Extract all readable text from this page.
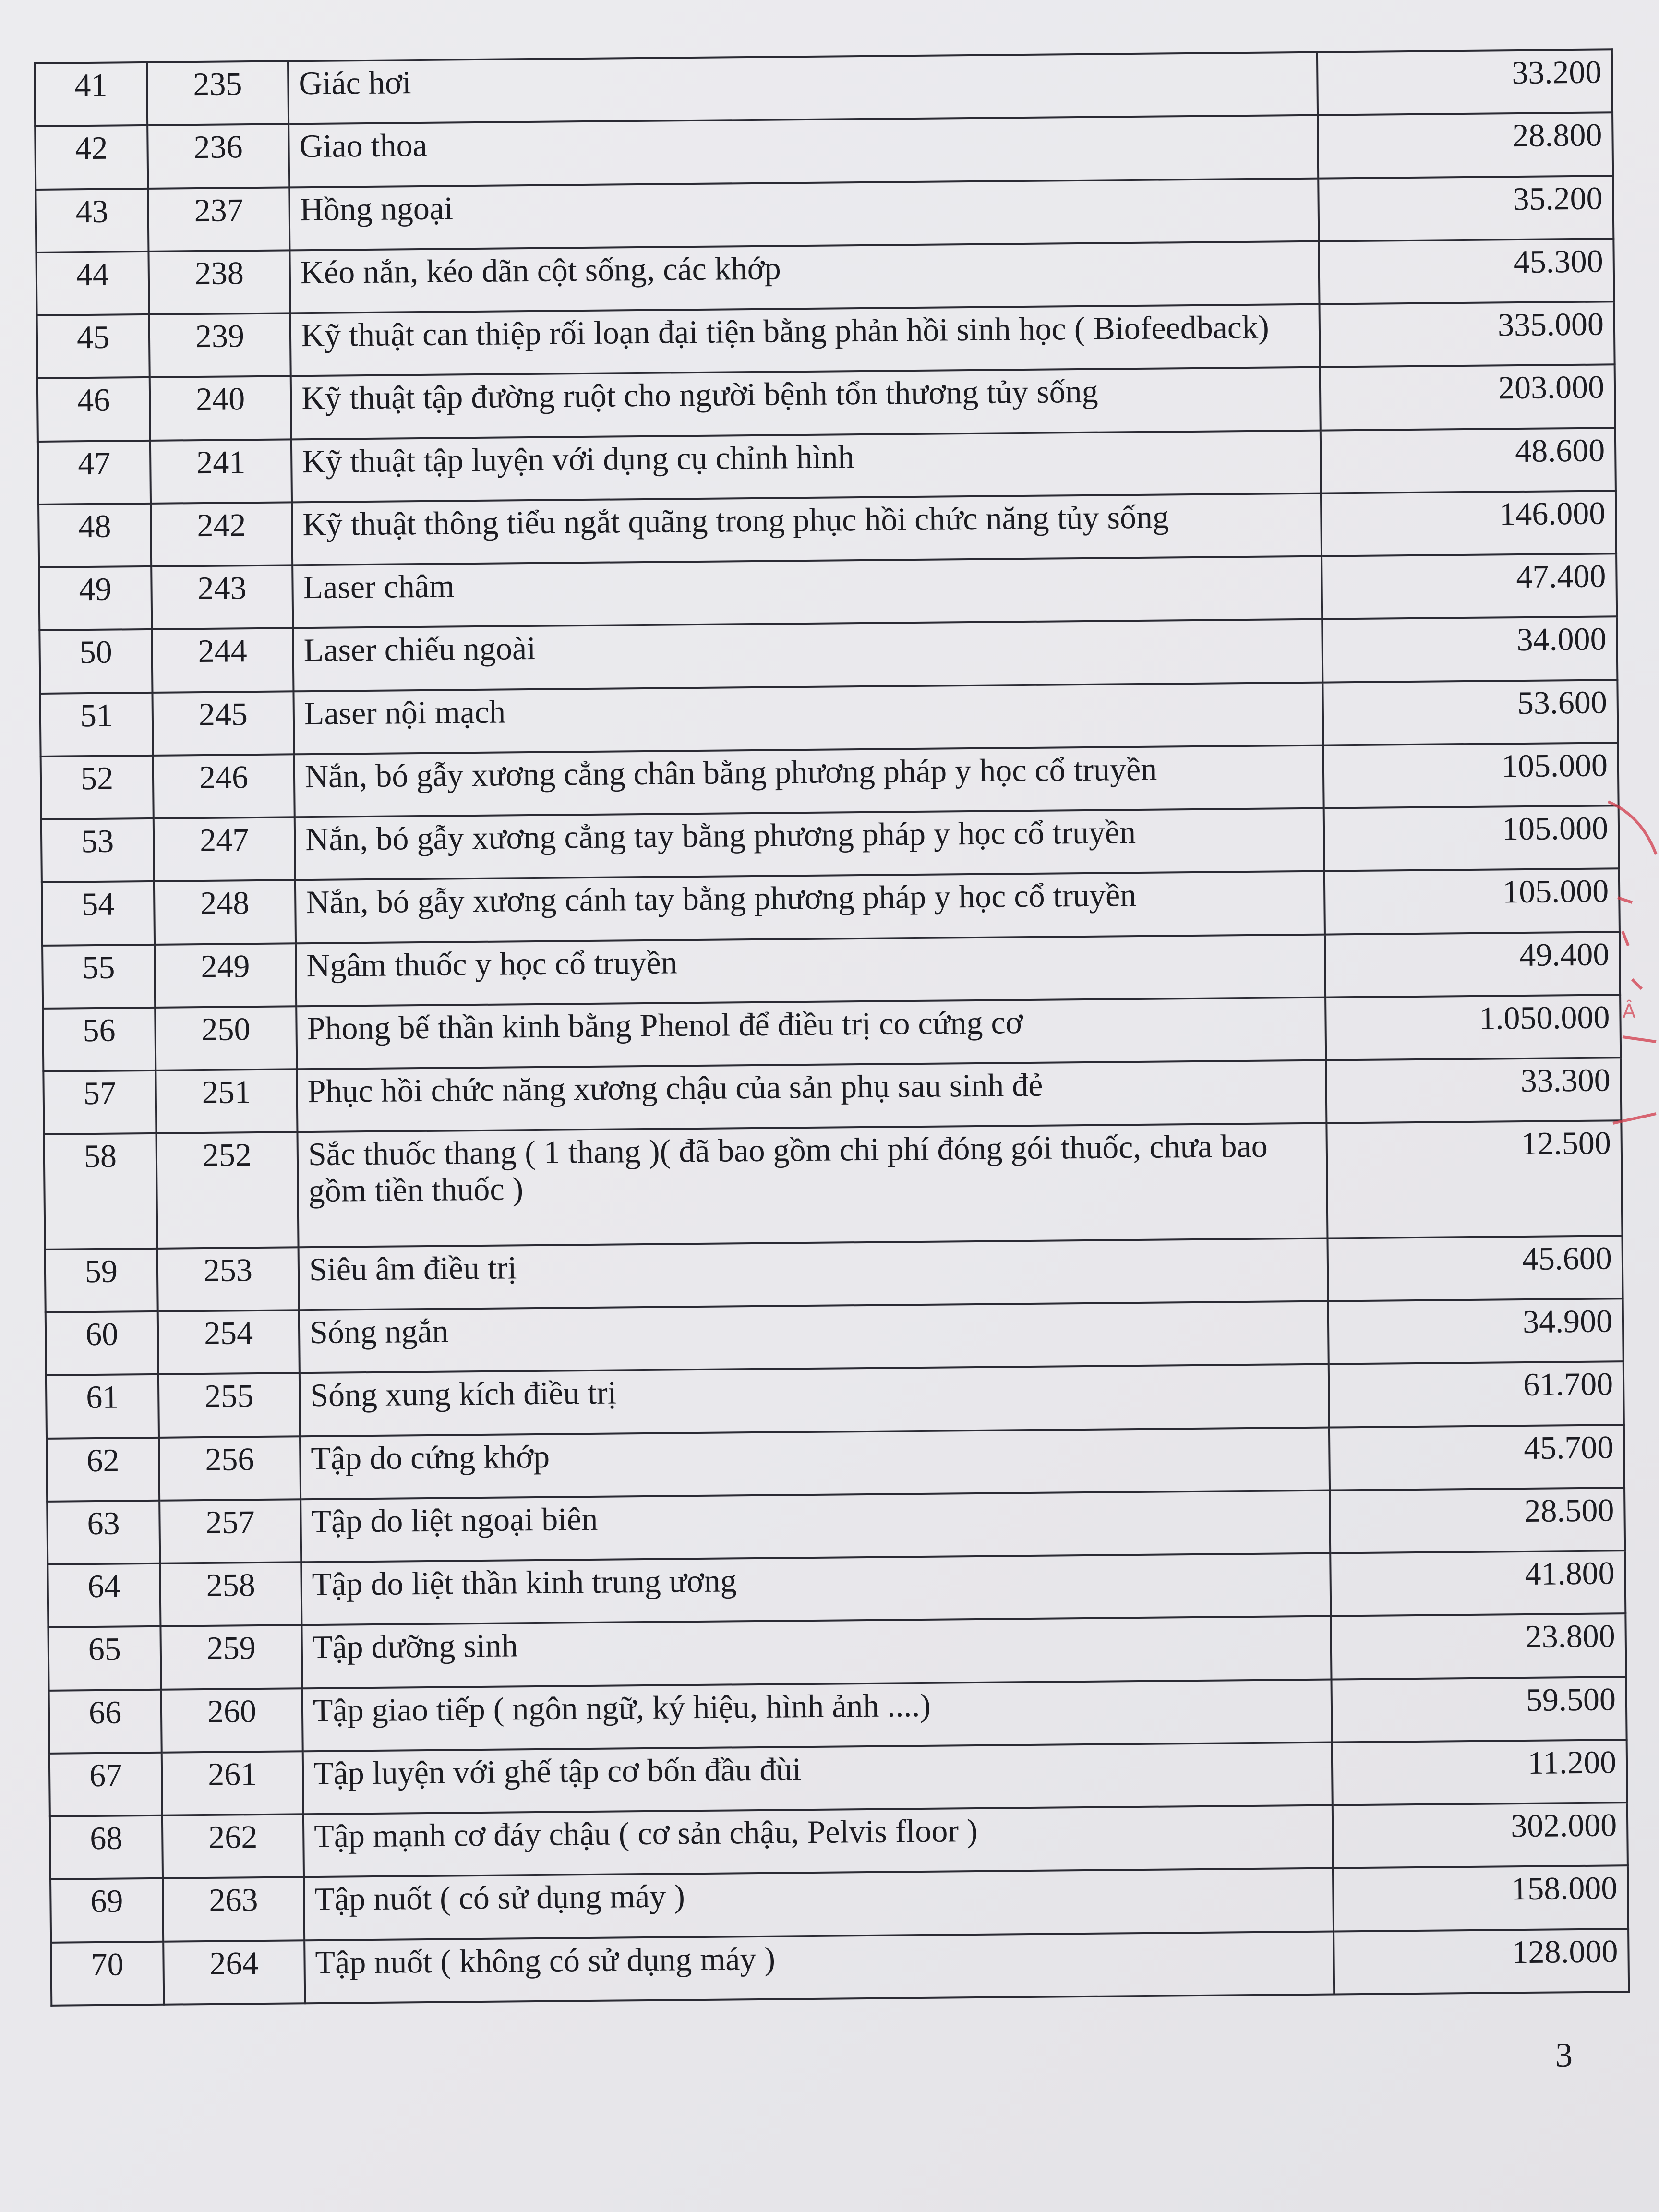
41	235	Giác hơi	33.200
42	236	Giao thoa	28.800
43	237	Hồng ngoại	35.200
44	238	Kéo nắn, kéo dãn cột sống, các khớp	45.300
45	239	Kỹ thuật can thiệp rối loạn đại tiện bằng phản hồi sinh học ( Biofeedback)	335.000
46	240	Kỹ thuật tập đường ruột cho người bệnh tổn thương tủy sống	203.000
47	241	Kỹ thuật tập luyện với dụng cụ chỉnh hình	48.600
48	242	Kỹ thuật thông tiểu ngắt quãng trong phục hồi chức năng tủy sống	146.000
49	243	Laser châm	47.400
50	244	Laser chiếu ngoài	34.000
51	245	Laser nội mạch	53.600
52	246	Nắn, bó gẫy xương cẳng chân bằng phương pháp y học cổ truyền	105.000
53	247	Nắn, bó gẫy xương cẳng tay bằng phương pháp y học cổ truyền	105.000
54	248	Nắn, bó gẫy xương cánh tay bằng phương pháp y học cổ truyền	105.000
55	249	Ngâm thuốc y học cổ truyền	49.400
56	250	Phong bế thần kinh bằng Phenol để điều trị co cứng cơ	1.050.000
57	251	Phục hồi chức năng xương chậu của sản phụ sau sinh đẻ	33.300
58	252	Sắc thuốc thang ( 1 thang )( đã bao gồm chi phí đóng gói thuốc, chưa bao gồm tiền thuốc )	12.500
59	253	Siêu âm điều trị	45.600
60	254	Sóng ngắn	34.900
61	255	Sóng xung kích điều trị	61.700
62	256	Tập do cứng khớp	45.700
63	257	Tập do liệt ngoại biên	28.500
64	258	Tập do liệt thần kinh trung ương	41.800
65	259	Tập dưỡng sinh	23.800
66	260	Tập giao tiếp ( ngôn ngữ, ký hiệu, hình ảnh ....)	59.500
67	261	Tập luyện với ghế tập cơ bốn đầu đùi	11.200
68	262	Tập mạnh cơ đáy chậu ( cơ sản chậu, Pelvis floor )	302.000
69	263	Tập nuốt ( có sử dụng máy )	158.000
70	264	Tập nuốt ( không có sử dụng máy )	128.000
Â
3
